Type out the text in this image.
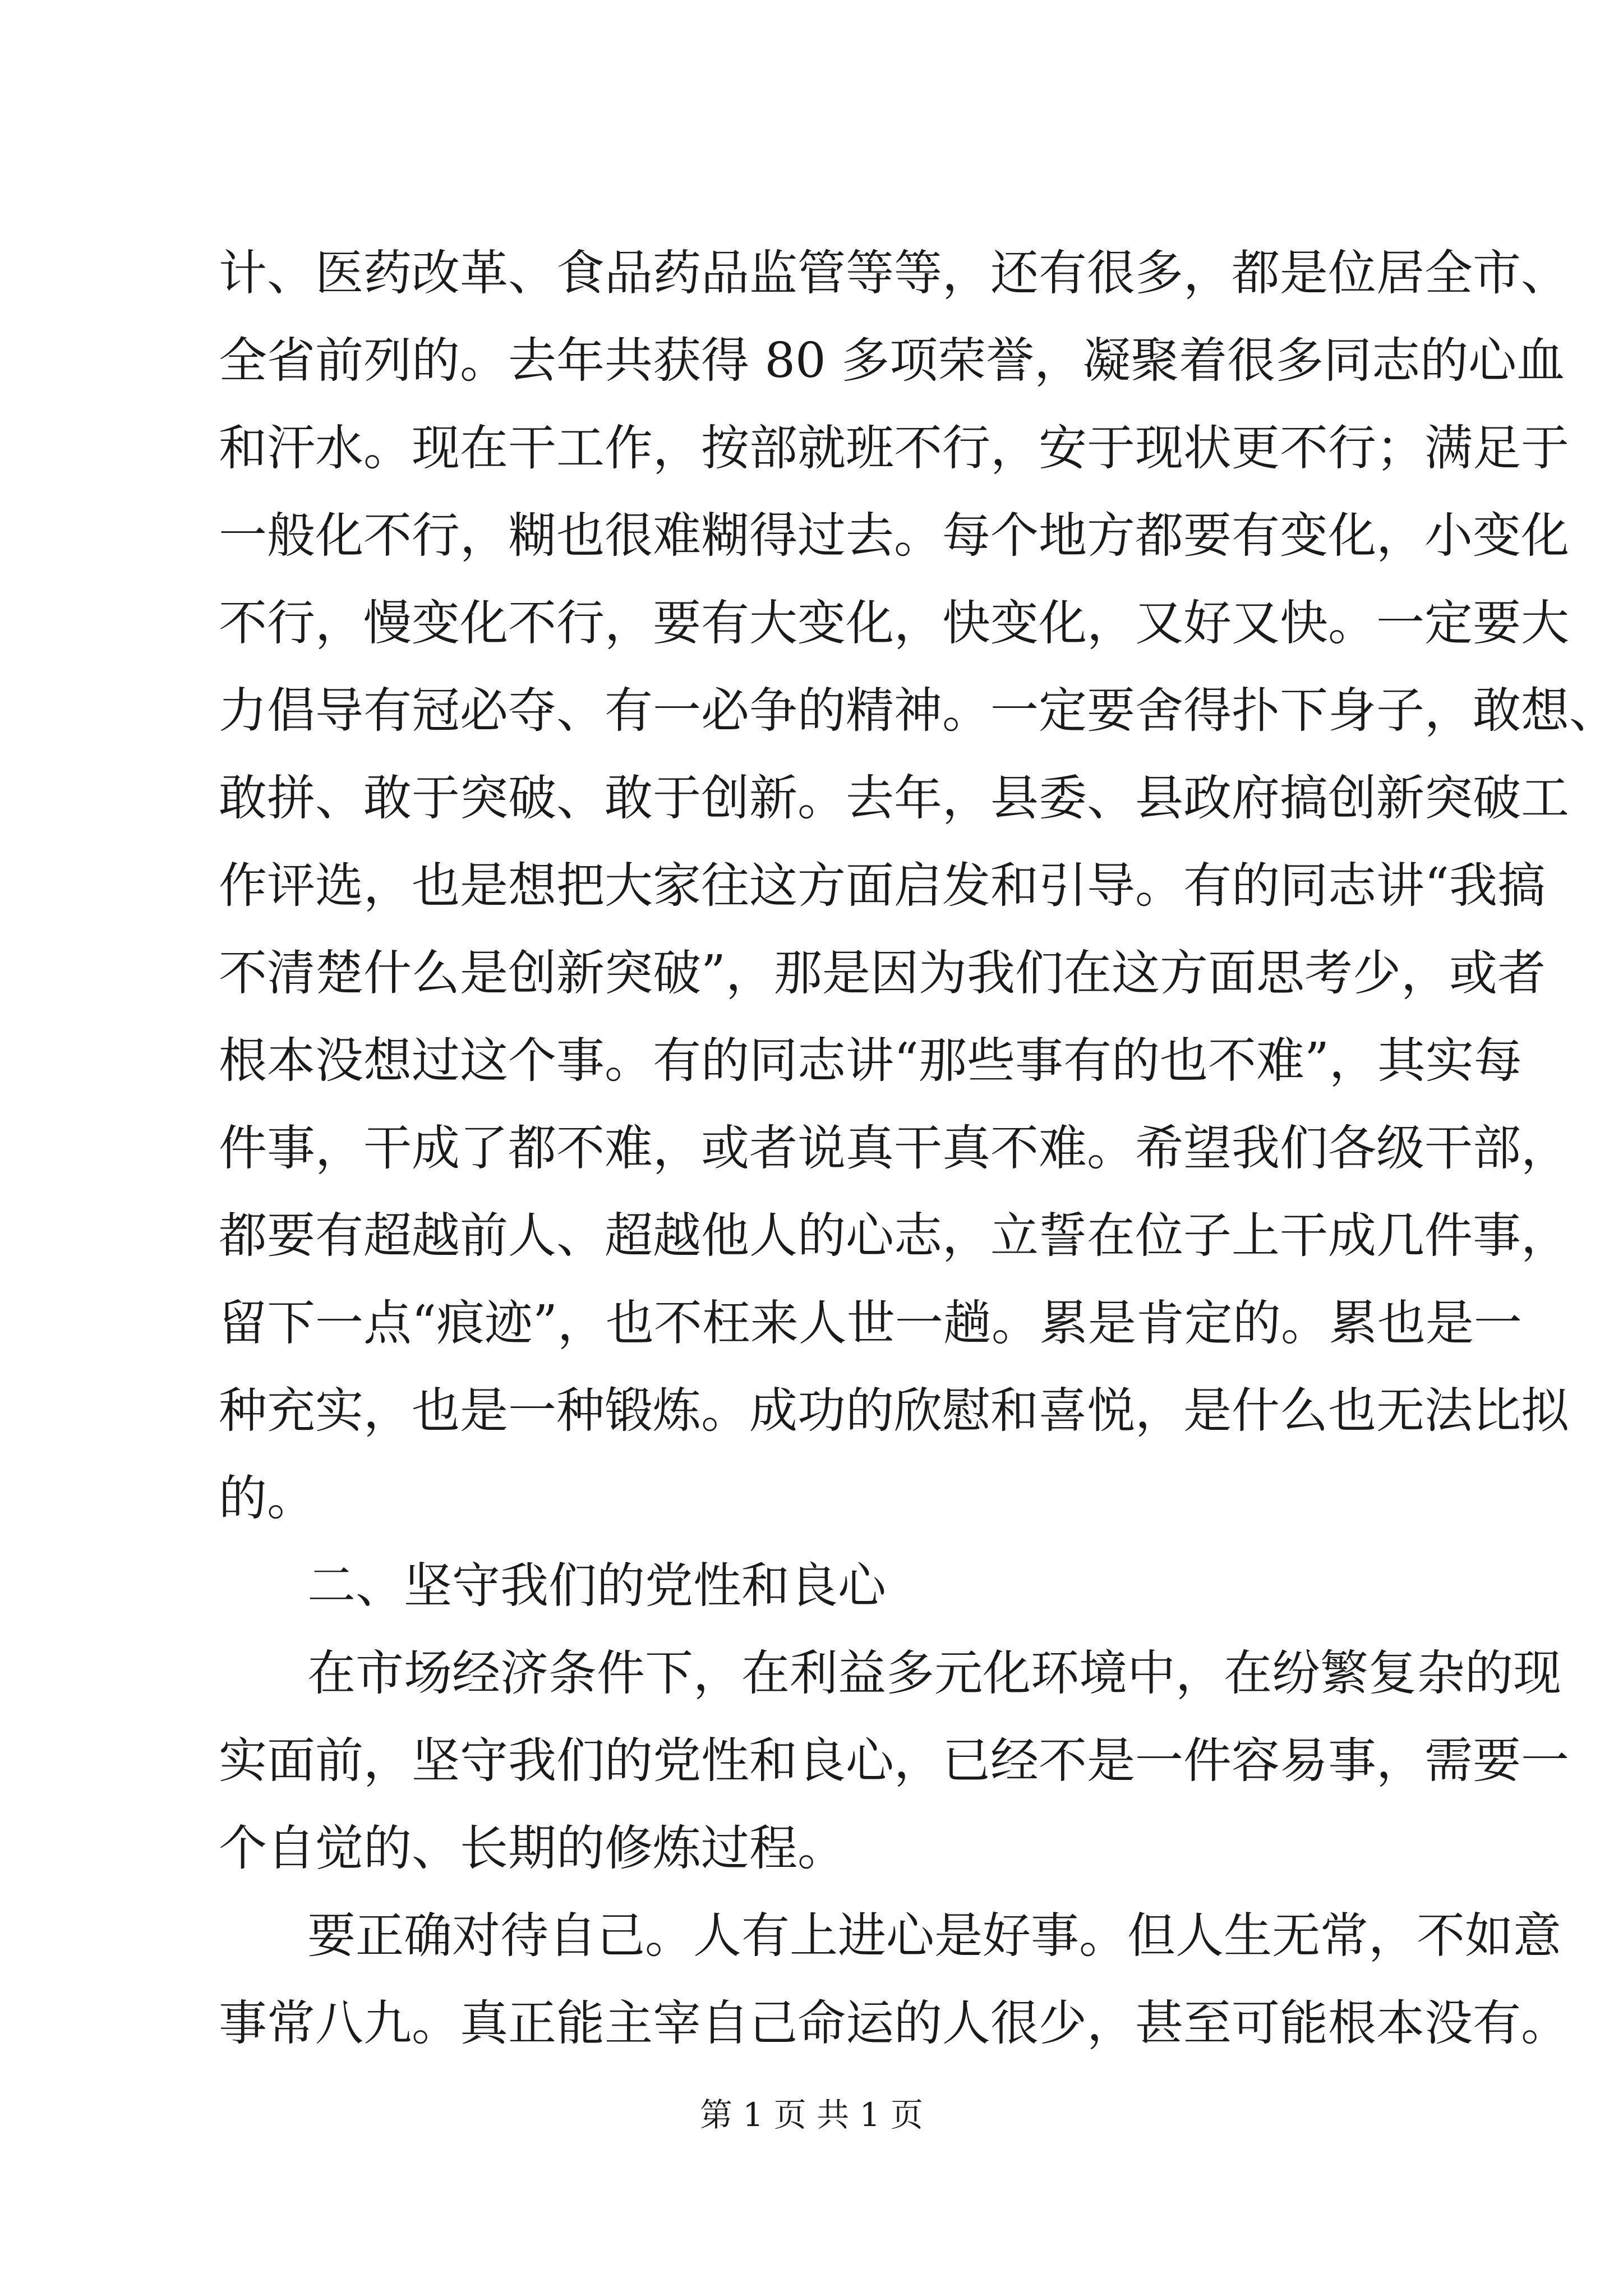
计、医药改革、食品药品监管等等，还有很多，都是位居全市、

全省前列的。去年共获得 80 多项荣誉，凝聚着很多同志的心血

和汗水。现在干工作，按部就班不行，安于现状更不行；满足于

一般化不行，糊也很难糊得过去。每个地方都要有变化，小变化

不行，慢变化不行，要有大变化，快变化，又好又快。一定要大

力倡导有冠必夺、有一必争的精神。一定要舍得扑下身子，敢想、

敢拼、敢于突破、敢于创新。去年，县委、县政府搞创新突破工

作评选，也是想把大家往这方面启发和引导。有的同志讲“我搞

不清楚什么是创新突破”，那是因为我们在这方面思考少，或者

根本没想过这个事。有的同志讲“那些事有的也不难”，其实每

件事，干成了都不难，或者说真干真不难。希望我们各级干部，

都要有超越前人、超越他人的心志，立誓在位子上干成几件事，

留下一点“痕迹”，也不枉来人世一趟。累是肯定的。累也是一

种充实，也是一种锻炼。成功的欣慰和喜悦，是什么也无法比拟

的。

二、坚守我们的党性和良心

在市场经济条件下，在利益多元化环境中，在纷繁复杂的现

实面前，坚守我们的党性和良心，已经不是一件容易事，需要一

个自觉的、长期的修炼过程。

要正确对待自己。人有上进心是好事。但人生无常，不如意

事常八九。真正能主宰自己命运的人很少，甚至可能根本没有。

第 1 页 共 1 页
